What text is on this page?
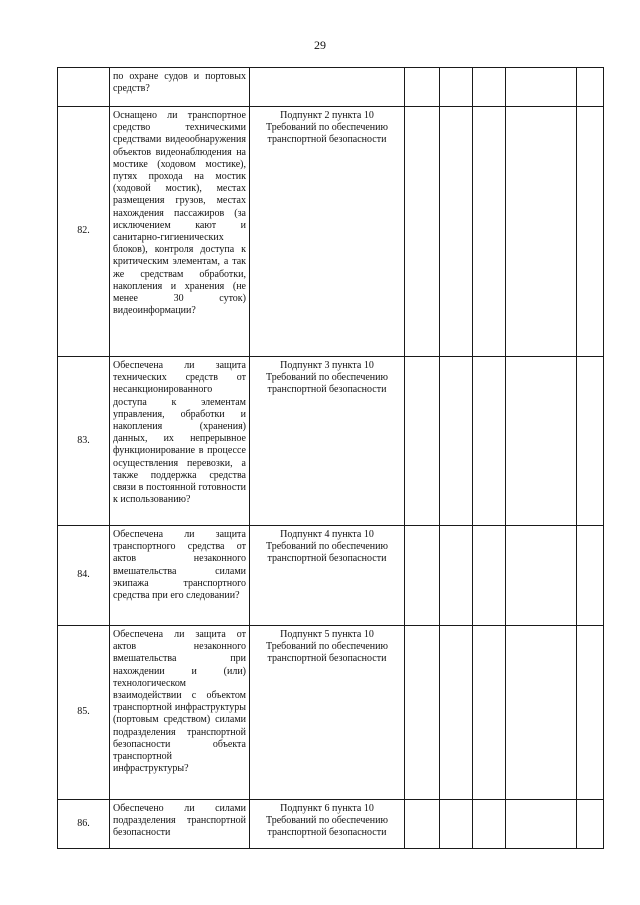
29
	по охране судов и портовых средств?						
82.	Оснащено ли транспортное средство техническими средствами видеообнаружения объектов видеонаблюдения на мостике (ходовом мостике), путях прохода на мостик (ходовой мостик), местах размещения грузов, местах нахождения пассажиров (за исключением кают и санитарно-гигиенических блоков), контроля доступа к критическим элементам, а так же средствам обработки, накопления и хранения (не менее 30 суток) видеоинформации?	Подпункт 2 пункта 10 Требований по обеспечению транспортной безопасности					
83.	Обеспечена ли защита технических средств от несанкционированного доступа к элементам управления, обработки и накопления (хранения) данных, их непрерывное функционирование в процессе осуществления перевозки, а также поддержка средства связи в постоянной готовности к использованию?	Подпункт 3 пункта 10 Требований по обеспечению транспортной безопасности					
84.	Обеспечена ли защита транспортного средства от актов незаконного вмешательства силами экипажа транспортного средства при его следовании?	Подпункт 4 пункта 10 Требований по обеспечению транспортной безопасности					
85.	Обеспечена ли защита от актов незаконного вмешательства при нахождении и (или) технологическом взаимодействии с объектом транспортной инфраструктуры (портовым средством) силами подразделения транспортной безопасности объекта транспортной инфраструктуры?	Подпункт 5 пункта 10 Требований по обеспечению транспортной безопасности					
86.	Обеспечено ли силами подразделения транспортной безопасности	Подпункт 6 пункта 10 Требований по обеспечению транспортной безопасности					
